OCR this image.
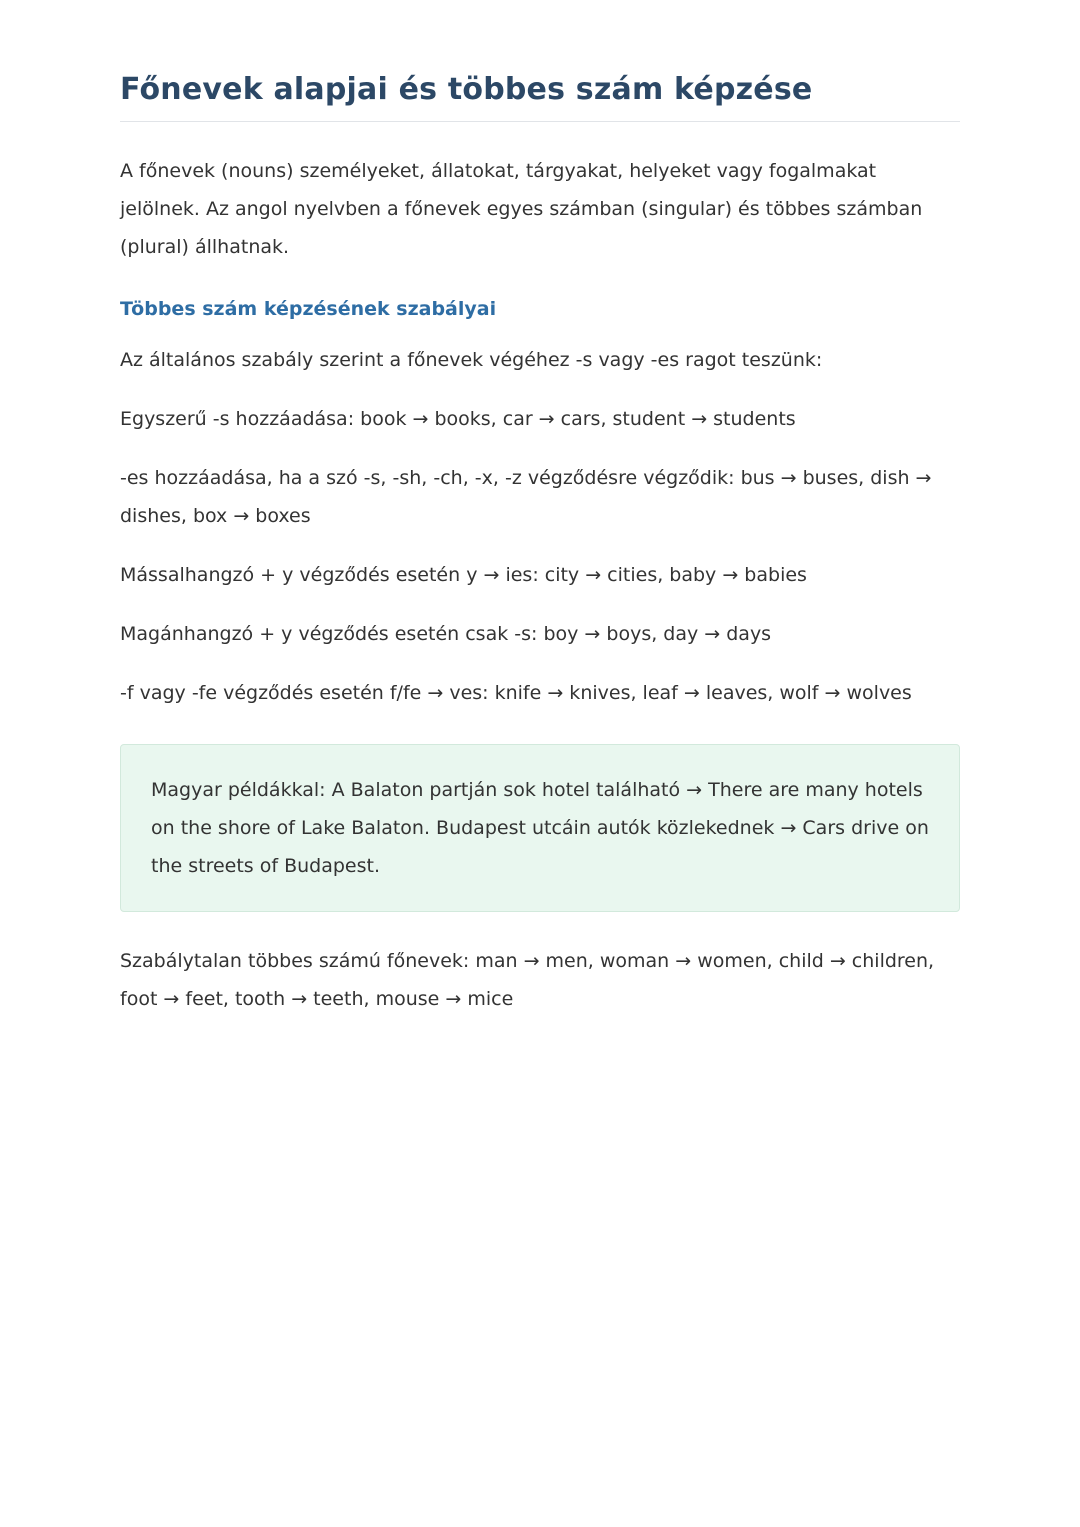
Főnevek alapjai és többes szám képzése

A főnevek (nouns) személyeket, állatokat, tárgyakat, helyeket vagy fogalmakat jelölnek. Az angol nyelvben a főnevek egyes számban (singular) és többes számban (plural) állhatnak.

Többes szám képzésének szabályai

Az általános szabály szerint a főnevek végéhez -s vagy -es ragot teszünk:

Egyszerű -s hozzáadása: book → books, car → cars, student → students

-es hozzáadása, ha a szó -s, -sh, -ch, -x, -z végződésre végződik: bus → buses, dish → dishes, box → boxes

Mássalhangzó + y végződés esetén y → ies: city → cities, baby → babies

Magánhangzó + y végződés esetén csak -s: boy → boys, day → days

-f vagy -fe végződés esetén f/fe → ves: knife → knives, leaf → leaves, wolf → wolves

Magyar példákkal: A Balaton partján sok hotel található → There are many hotels on the shore of Lake Balaton. Budapest utcáin autók közlekednek → Cars drive on the streets of Budapest.

Szabálytalan többes számú főnevek: man → men, woman → women, child → children, foot → feet, tooth → teeth, mouse → mice
